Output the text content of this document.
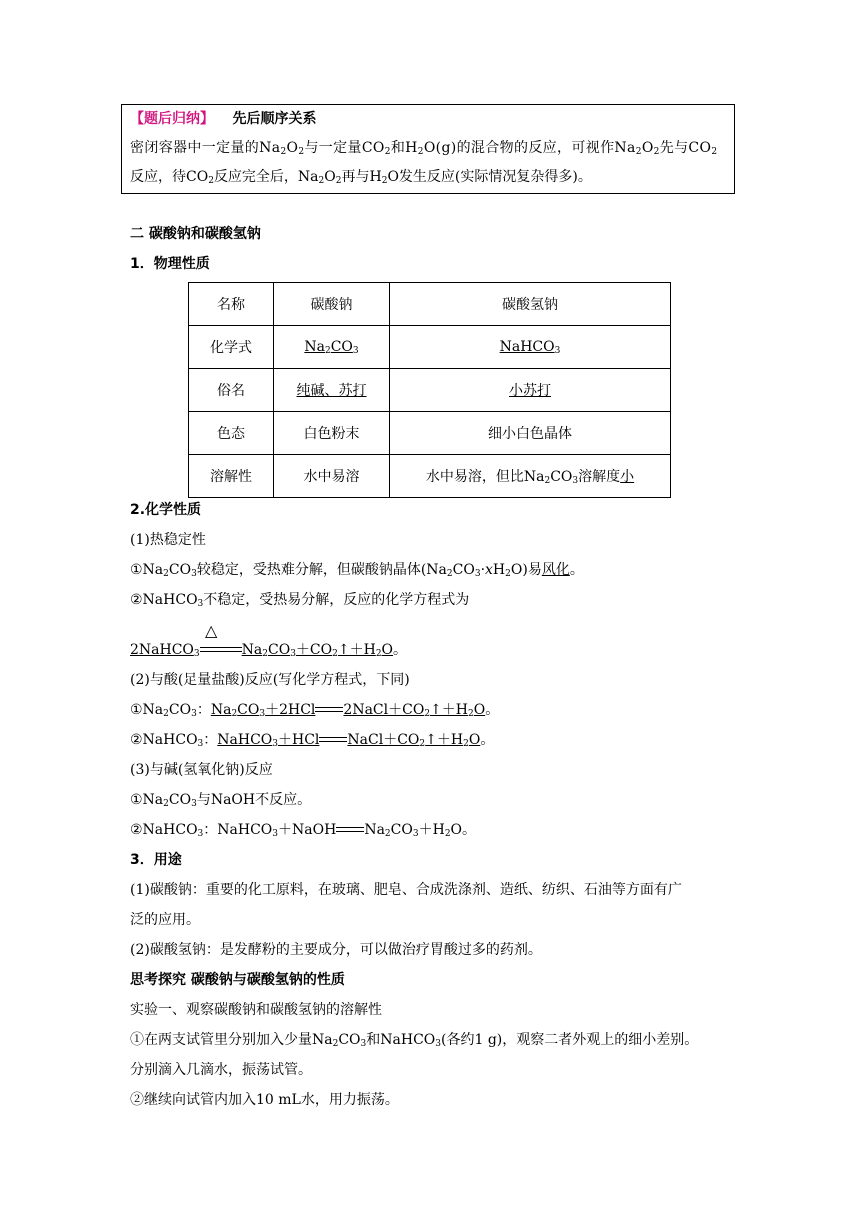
【题后归纳】 先后顺序关系
密闭容器中一定量的$Na_2O_2$与一定量$CO_2$和$H_2O(g)$的混合物的反应，可视作$Na_2O_2$先与$CO_2$
反应，待$CO_2$反应完全后，$Na_2O_2$再与$H_2O$发生反应(实际情况复杂得多)。
二 碳酸钠和碳酸氢钠
1．物理性质
名称	碳酸钠	碳酸氢钠
化学式	$Na_2CO_3$	NaHCO$_3$
俗名	纯碱、苏打	小苏打
色态	白色粉末	细小白色晶体
溶解性	水中易溶	水中易溶，但比$Na_2CO_3$溶解度小
2.化学性质
(1)热稳定性
$①Na_2CO_3$较稳定，受热难分解，但碳酸钠晶体$(Na_2CO_3\cdot xH_2O)$易风化。
②NaHCO$_3$不稳定，受热易分解，反应的化学方程式为
△
2NaHCO$_3$	$Na_2CO_3+CO_2↑+H_2O$。
(2)与酸(足量盐酸)反应(写化学方程式，下同)
$①Na_2CO_3$：$Na_2CO_3+2HCl$ $2NaCl+CO_2↑+H_2O$。
②NaHCO$_3$：NaHCO$_3$＋HCl $NaCl+CO_2↑+H_2O$。
(3)与碱(氢氧化钠)反应
$①Na_2CO_3$与NaOH不反应。
②NaHCO$_3$：NaHCO$_3$＋NaOH $Na_2CO_3+H_2O$。
3．用途
(1)碳酸钠：重要的化工原料，在玻璃、肥皂、合成洗涤剂、造纸、纺织、石油等方面有广
泛的应用。
(2)碳酸氢钠：是发酵粉的主要成分，可以做治疗胃酸过多的药剂。
思考探究 碳酸钠与碳酸氢钠的性质
实验一、观察碳酸钠和碳酸氢钠的溶解性
①在两支试管里分别加入少量$Na_2CO_3$和NaHCO$_3$(各约1 g)，观察二者外观上的细小差别。
分别滴入几滴水，振荡试管。
②继续向试管内加入10 mL水，用力振荡。
